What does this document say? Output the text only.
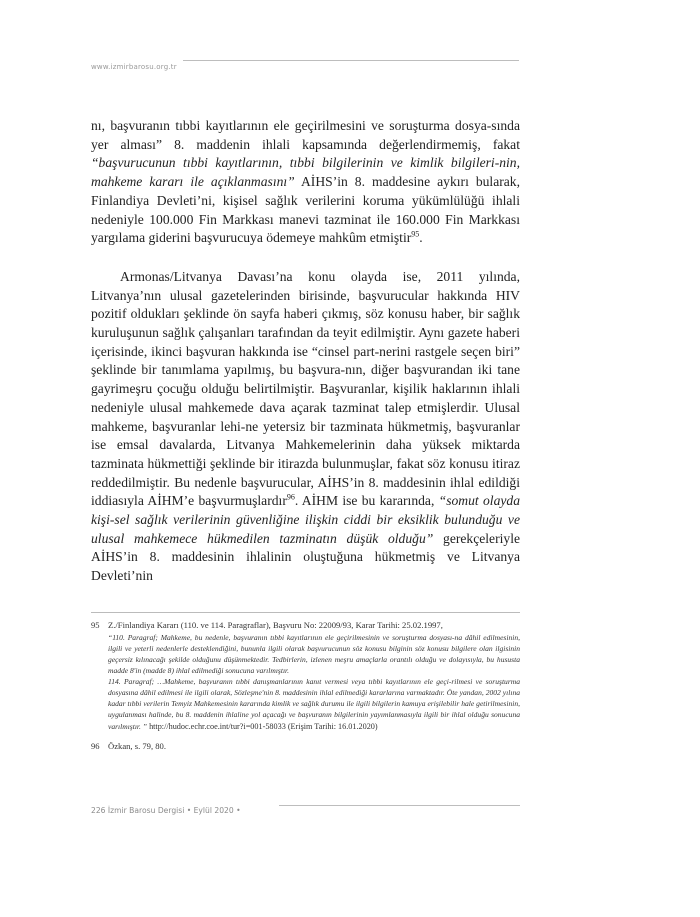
www.izmirbarosu.org.tr

nı, başvuranın tıbbi kayıtlarının ele geçirilmesini ve soruşturma dosya-sında yer alması” 8. maddenin ihlali kapsamında değerlendirmemiş, fakat “başvurucunun tıbbi kayıtlarının, tıbbi bilgilerinin ve kimlik bilgileri-nin, mahkeme kararı ile açıklanmasını” AİHS’in 8. maddesine aykırı bularak, Finlandiya Devleti’ni, kişisel sağlık verilerini koruma yükümlülüğü ihlali nedeniyle 100.000 Fin Markkası manevi tazminat ile 160.000 Fin Markkası yargılama giderini başvurucuya ödemeye mahkûm etmiştir$^{95}$.

Armonas/Litvanya Davası’na konu olayda ise, 2011 yılında, Litvanya’nın ulusal gazetelerinden birisinde, başvurucular hakkında HIV pozitif oldukları şeklinde ön sayfa haberi çıkmış, söz konusu haber, bir sağlık kuruluşunun sağlık çalışanları tarafından da teyit edilmiştir. Aynı gazete haberi içerisinde, ikinci başvuran hakkında ise “cinsel part-nerini rastgele seçen biri” şeklinde bir tanımlama yapılmış, bu başvura-nın, diğer başvurandan iki tane gayrimeşru çocuğu olduğu belirtilmiştir. Başvuranlar, kişilik haklarının ihlali nedeniyle ulusal mahkemede dava açarak tazminat talep etmişlerdir. Ulusal mahkeme, başvuranlar lehi-ne yetersiz bir tazminata hükmetmiş, başvuranlar ise emsal davalarda, Litvanya Mahkemelerinin daha yüksek miktarda tazminata hükmettiği şeklinde bir itirazda bulunmuşlar, fakat söz konusu itiraz reddedilmiştir. Bu nedenle başvurucular, AİHS’in 8. maddesinin ihlal edildiği iddiasıyla AİHM’e başvurmuşlardır$^{96}$. AİHM ise bu kararında, “somut olayda kişi-sel sağlık verilerinin güvenliğine ilişkin ciddi bir eksiklik bulunduğu ve ulusal mahkemece hükmedilen tazminatın düşük olduğu” gerekçeleriyle AİHS’in 8. maddesinin ihlalinin oluştuğuna hükmetmiş ve Litvanya Devleti’nin

95 Z./Finlandiya Kararı (110. ve 114. Paragraflar), Başvuru No: 22009/93, Karar Tarihi: 25.02.1997,
“110. Paragraf; Mahkeme, bu nedenle, başvuranın tıbbi kayıtlarının ele geçirilmesinin ve soruşturma dosyası-na dâhil edilmesinin, ilgili ve yeterli nedenlerle desteklendiğini, bununla ilgili olarak başvurucunun söz konusu bilginin söz konusu bilgilere olan ilgisinin geçersiz kılınacağı şekilde olduğunu düşünmektedir. Tedbirlerin, izlenen meşru amaçlarla orantılı olduğu ve dolayısıyla, bu hususta madde 8'in (madde 8) ihlal edilmediği sonucuna varılmıştır.
114. Paragraf; …Mahkeme, başvuranın tıbbi danışmanlarının kanıt vermesi veya tıbbi kayıtlarının ele geçi-rilmesi ve soruşturma dosyasına dâhil edilmesi ile ilgili olarak, Sözleşme'nin 8. maddesinin ihlal edilmediği kararlarına varmaktadır. Öte yandan, 2002 yılına kadar tıbbi verilerin Temyiz Mahkemesinin kararında kimlik ve sağlık durumu ile ilgili bilgilerin kamuya erişilebilir hale getirilmesinin, uygulanması halinde, bu 8. maddenin ihlaline yol açacağı ve başvuranın bilgilerinin yayımlanmasıyla ilgili bir ihlal olduğu sonucuna varılmıştır. ” http://hudoc.echr.coe.int/tur?i=001-58033 (Erişim Tarihi: 16.01.2020)
96 Özkan, s. 79, 80.
226 İzmir Barosu Dergisi • Eylül 2020 •
